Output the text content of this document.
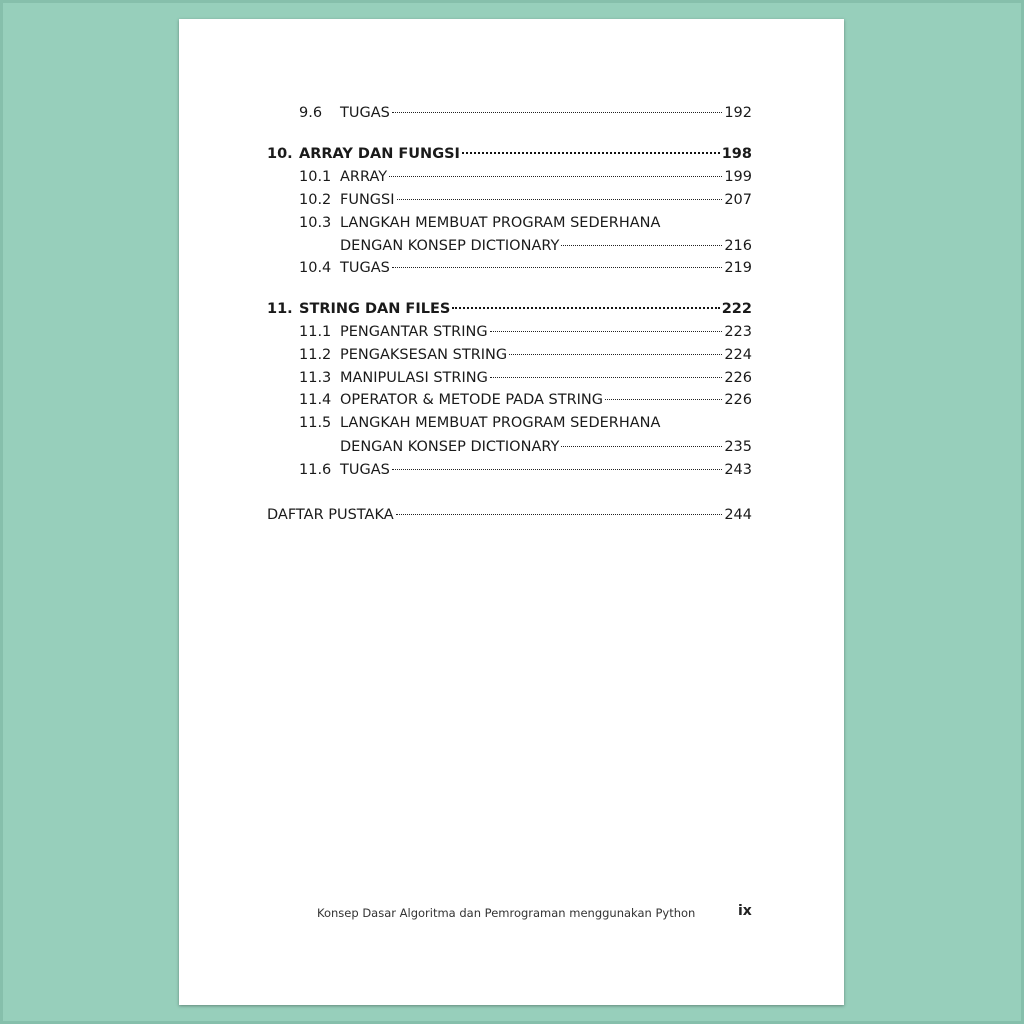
9.6 TUGAS	192
10. ARRAY DAN FUNGSI	198
10.1 ARRAY	199
10.2 FUNGSI	207
10.3 LANGKAH MEMBUAT PROGRAM SEDERHANA
DENGAN KONSEP DICTIONARY	216
10.4 TUGAS	219
11. STRING DAN FILES	222
11.1 PENGANTAR STRING	223
11.2 PENGAKSESAN STRING	224
11.3 MANIPULASI STRING	226
11.4 OPERATOR & METODE PADA STRING	226
11.5 LANGKAH MEMBUAT PROGRAM SEDERHANA
DENGAN KONSEP DICTIONARY	235
11.6 TUGAS	243
DAFTAR PUSTAKA	244
Konsep Dasar Algoritma dan Pemrograman menggunakan Python	ix
